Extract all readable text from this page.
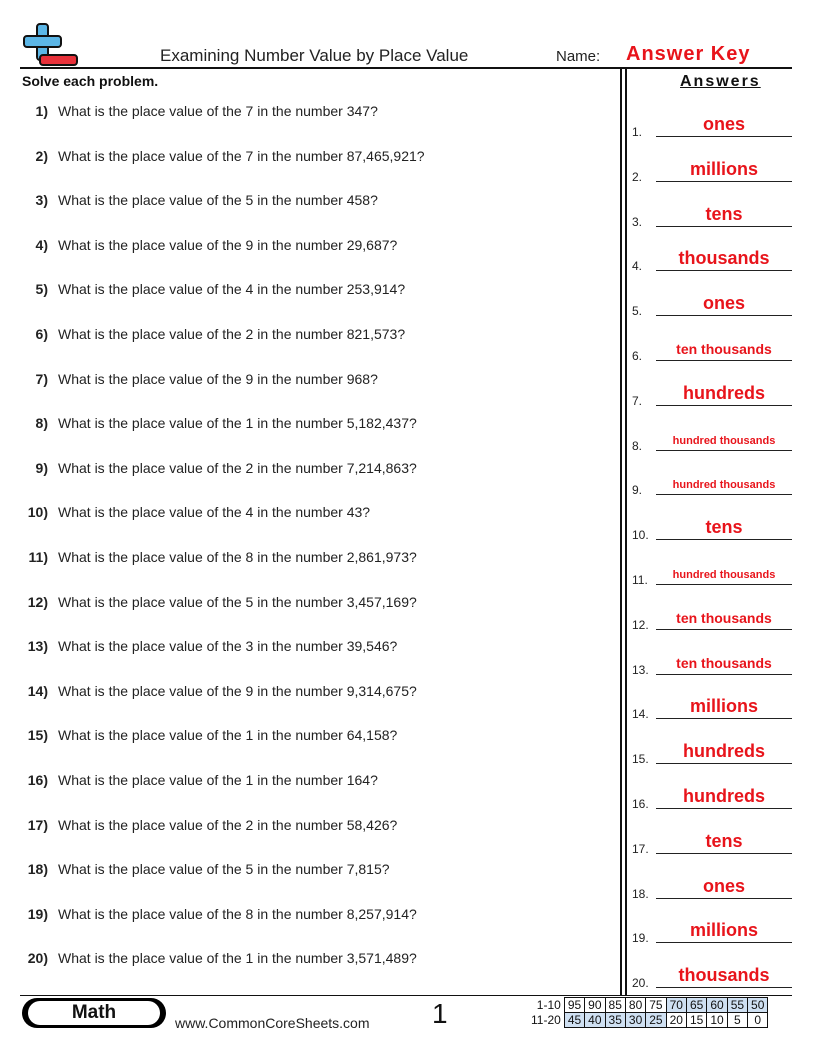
Examining Number Value by Place Value	Name: Answer Key
Solve each problem.	Answers
1) What is the place value of the 7 in the number 347?
2) What is the place value of the 7 in the number 87,465,921?
3) What is the place value of the 5 in the number 458?
4) What is the place value of the 9 in the number 29,687?
5) What is the place value of the 4 in the number 253,914?
6) What is the place value of the 2 in the number 821,573?
7) What is the place value of the 9 in the number 968?
8) What is the place value of the 1 in the number 5,182,437?
9) What is the place value of the 2 in the number 7,214,863?
10) What is the place value of the 4 in the number 43?
11) What is the place value of the 8 in the number 2,861,973?
12) What is the place value of the 5 in the number 3,457,169?
13) What is the place value of the 3 in the number 39,546?
14) What is the place value of the 9 in the number 9,314,675?
15) What is the place value of the 1 in the number 64,158?
16) What is the place value of the 1 in the number 164?
17) What is the place value of the 2 in the number 58,426?
18) What is the place value of the 5 in the number 7,815?
19) What is the place value of the 8 in the number 8,257,914?
20) What is the place value of the 1 in the number 3,571,489?
1.	ones
2.	millions
3.	tens
4.	thousands
5.	ones
6.	ten thousands
7.	hundreds
8.	hundred thousands
9.	hundred thousands
10.	tens
11.	hundred thousands
12.	ten thousands
13.	ten thousands
14.	millions
15.	hundreds
16.	hundreds
17.	tens
18.	ones
19.	millions
20.	thousands
Math	www.CommonCoreSheets.com 1	1-10	95	90	85	80	75	70	65	60	55	50
11-20	45	40	35	30	25	20	15	10	5	0
